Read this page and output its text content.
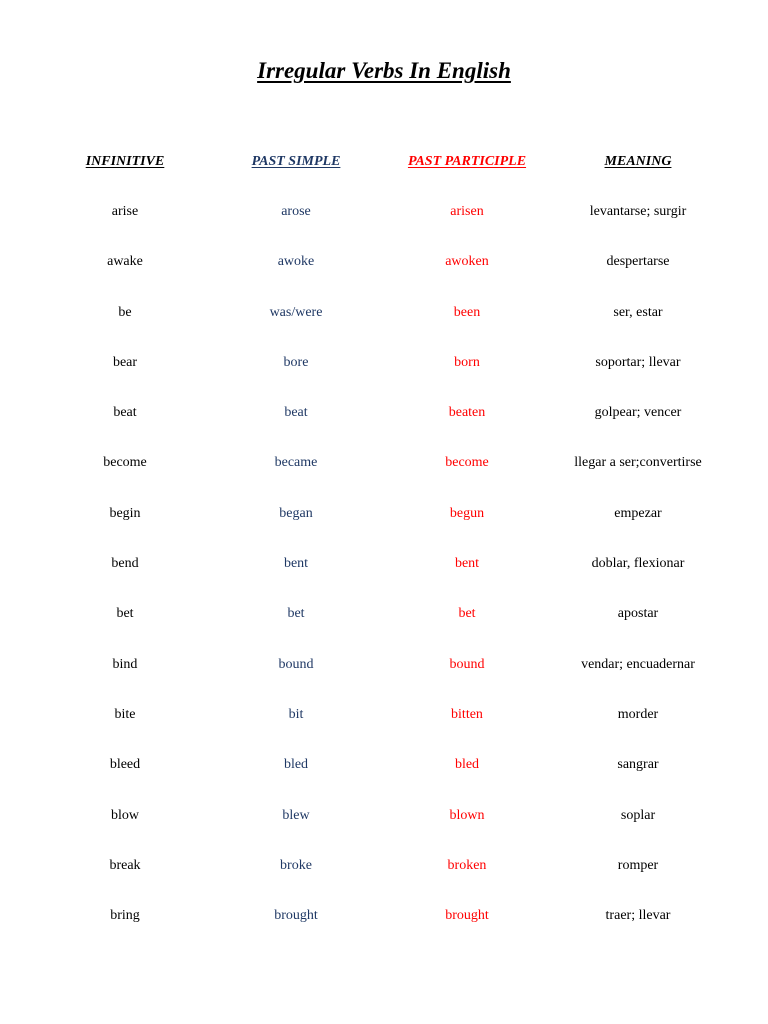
Irregular Verbs In English
INFINITIVE	PAST SIMPLE	PAST PARTICIPLE	MEANING
arise	arose	arisen	levantarse; surgir
awake	awoke	awoken	despertarse
be	was/were	been	ser, estar
bear	bore	born	soportar; llevar
beat	beat	beaten	golpear; vencer
become	became	become	llegar a ser;convertirse
begin	began	begun	empezar
bend	bent	bent	doblar, flexionar
bet	bet	bet	apostar
bind	bound	bound	vendar; encuadernar
bite	bit	bitten	morder
bleed	bled	bled	sangrar
blow	blew	blown	soplar
break	broke	broken	romper
bring	brought	brought	traer; llevar
